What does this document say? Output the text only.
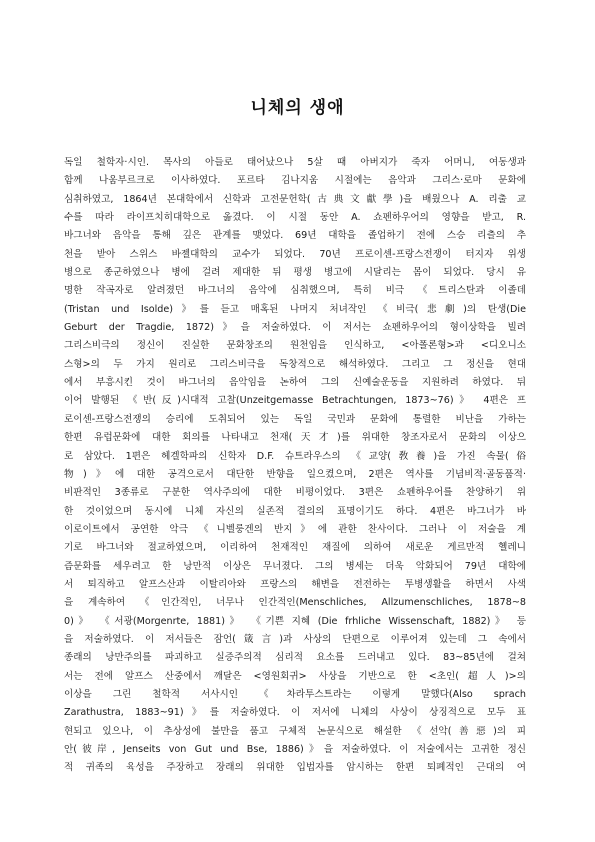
니체의 생애
독일 철학자·시인. 목사의 아들로 태어났으나 5살 때 아버지가 죽자 어머니, 여동생과
함께 나움부르크로 이사하였다. 포르타 김나지움 시절에는 음악과 그리스·로마 문화에
심취하였고, 1864년 본대학에서 신학과 고전문헌학(古典文獻學)을 배웠으나 A. 리출 교
수를 따라 라이프치히대학으로 옮겼다. 이 시절 동안 A. 쇼펜하우어의 영향을 받고, R.
바그너와 음악을 통해 깊은 관계를 맺었다. 69년 대학을 졸업하기 전에 스승 리츨의 추
천을 받아 스위스 바젤대학의 교수가 되었다. 70년 프로이센-프랑스전쟁이 터지자 위생
병으로 종군하였으나 병에 걸려 제대한 뒤 평생 병고에 시달리는 몸이 되었다. 당시 유
명한 작곡자로 알려졌던 바그너의 음악에 심취했으며, 특히 비극 《트리스탄과 이졸데
(Tristan und Isolde)》를 듣고 매혹된 나머지 처녀작인 《비극(悲劇)의 탄생(Die
Geburt der Tragdie, 1872)》을 저술하였다. 이 저서는 쇼펜하우어의 형이상학을 빌려
그리스비극의 정신이 진실한 문화창조의 원천임을 인식하고, <아폴론형>과 <디오니소
스형>의 두 가지 원리로 그리스비극을 독창적으로 해석하였다. 그리고 그 정신을 현대
에서 부흥시킨 것이 바그너의 음악임을 논하여 그의 신예술운동을 지원하려 하였다. 뒤
이어 발행된 《반(反)시대적 고찰(Unzeitgemasse Betrachtungen, 1873~76)》 4편은 프
로이센-프랑스전쟁의 승리에 도취되어 있는 독일 국민과 문화에 통렬한 비난을 가하는
한편 유럽문화에 대한 회의를 나타내고 천재(天才)를 위대한 창조자로서 문화의 이상으
로 삼았다. 1편은 헤겔학파의 신학자 D.F. 슈트라우스의 《교양(敎養)을 가진 속물(俗
物)》에 대한 공격으로서 대단한 반향을 일으켰으며, 2편은 역사를 기념비적·골동품적·
비판적인 3종류로 구분한 역사주의에 대한 비평이었다. 3편은 쇼펜하우어를 찬양하기 위
한 것이었으며 동시에 니체 자신의 실존적 결의의 표명이기도 하다. 4편은 바그너가 바
이로이트에서 공연한 악극 《니벨룽겐의 반지》에 관한 찬사이다. 그러나 이 저술을 계
기로 바그너와 절교하였으며, 이리하여 천재적인 재질에 의하여 새로운 게르만적 헬레니
즘문화를 세우려고 한 낭만적 이상은 무너졌다. 그의 병세는 더욱 악화되어 79년 대학에
서 퇴직하고 알프스산과 이탈리아와 프랑스의 해변을 전전하는 투병생활을 하면서 사색
을 계속하여 《인간적인, 너무나 인간적인(Menschliches, Allzumenschliches, 1878~8
0)》 《서광(Morgenrte, 1881)》 《기쁜 지혜 (Die frhliche Wissenschaft, 1882)》 등
을 저술하였다. 이 저서들은 잠언(箴言)과 사상의 단편으로 이루어져 있는데 그 속에서
종래의 낭만주의를 파괴하고 실증주의적 심리적 요소를 드러내고 있다. 83~85년에 걸쳐
서는 전에 알프스 산중에서 깨달은 <영원회귀> 사상을 기반으로 한 <초인(超人)>의
이상을 그린 철학적 서사시인 《차라투스트라는 이렇게 말했다(Also sprach
Zarathustra, 1883~91)》를 저술하였다. 이 저서에 니체의 사상이 상징적으로 모두 표
현되고 있으나, 이 추상성에 불만을 품고 구체적 논문식으로 해설한 《선악(善惡)의 피
안(彼岸, Jenseits von Gut und Bse, 1886)》을 저술하였다. 이 저술에서는 고귀한 정신
적 귀족의 육성을 주장하고 장래의 위대한 입법자를 암시하는 한편 퇴폐적인 근대의 여
